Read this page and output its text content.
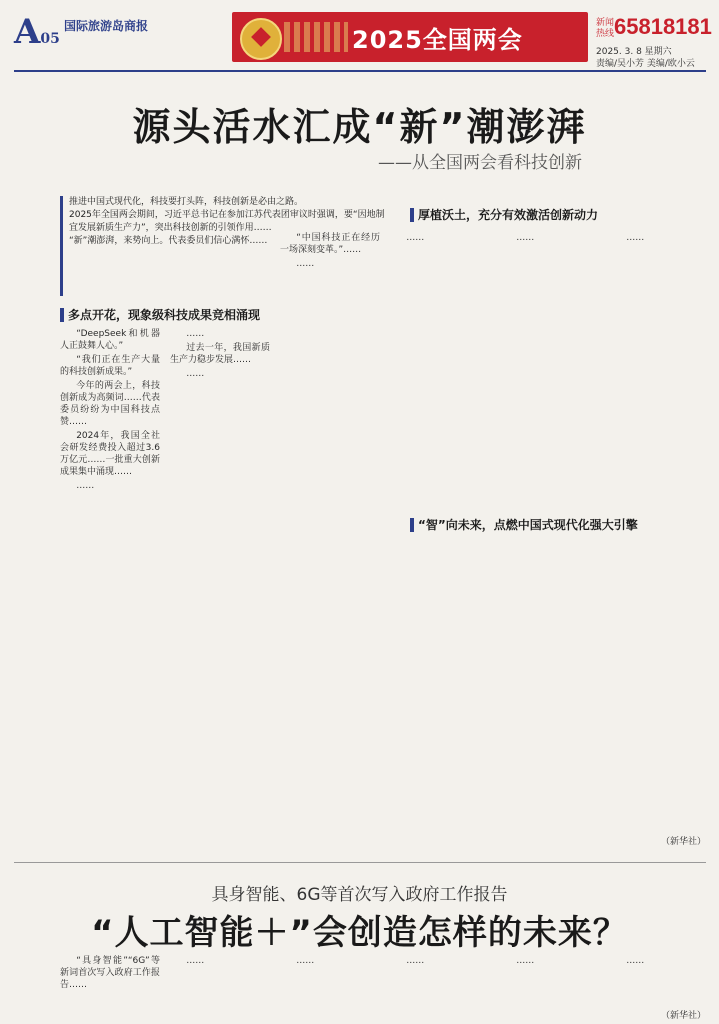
A05
国际旅游岛商报	2025全国两会
新闻热线 65818181
2025. 3. 8 星期六
责编/吴小芳 美编/欧小云
源头活水汇成“新”潮澎湃
——从全国两会看科技创新

推进中国式现代化，科技要打头阵，科技创新是必由之路。

2025年全国两会期间，习近平总书记在参加江苏代表团审议时强调，要“因地制宜发展新质生产力”，突出科技创新的引领作用……

“新”潮澎湃，来势向上。代表委员们信心满怀……

厚植沃土，充分有效激活创新动力
多点开花，现象级科技成果竞相涌现
“智”向未来，点燃中国式现代化强大引擎

“DeepSeek和机器人正鼓舞人心。”

“我们正在生产大量的科技创新成果。”

今年的两会上，科技创新成为高频词……代表委员纷纷为中国科技点赞……

2024年，我国全社会研发经费投入超过3.6万亿元……一批重大创新成果集中涌现……

……

……

过去一年，我国新质生产力稳步发展……

……

“中国科技正在经历一场深刻变革。”……

……

……	……	……

（新华社）
具身智能、6G等首次写入政府工作报告
“人工智能＋”会创造怎样的未来？

“具身智能”“6G”等新词首次写入政府工作报告……

……	……	……	……	……

（新华社）
